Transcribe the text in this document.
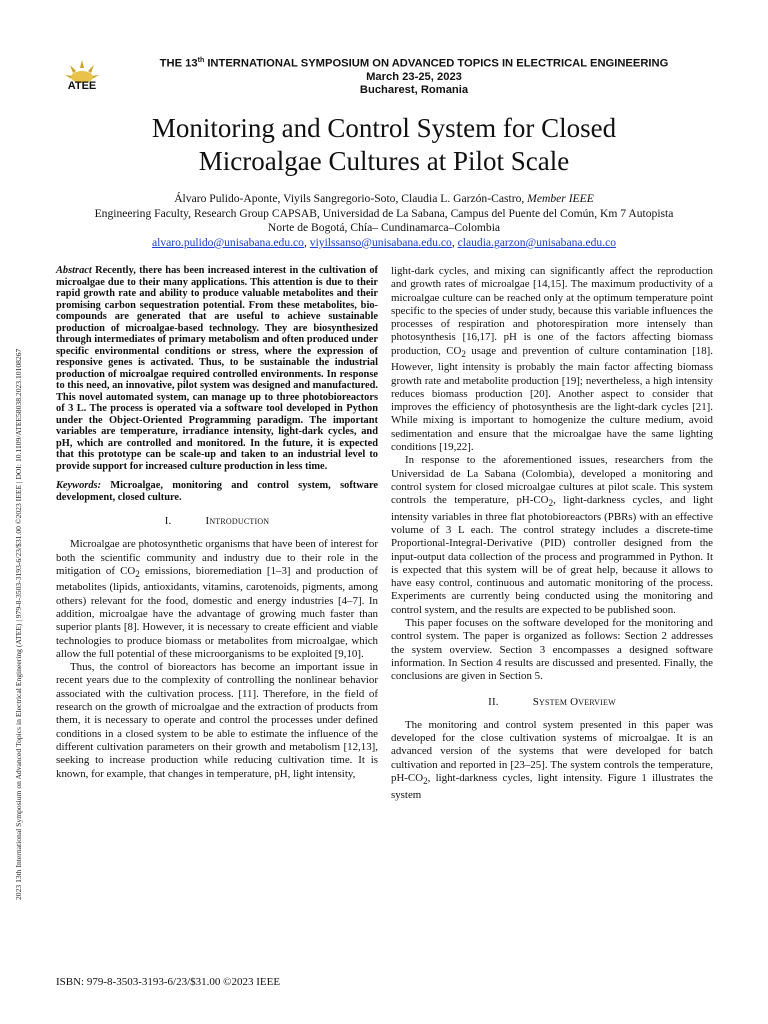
2023 13th International Symposium on Advanced Topics in Electrical Engineering (ATEE) | 979-8-3503-3193-6/23/$31.00 ©2023 IEEE | DOI: 10.1109/ATEE58038.2023.10108267
ATEE
THE 13th INTERNATIONAL SYMPOSIUM ON ADVANCED TOPICS IN ELECTRICAL ENGINEERING
March 23-25, 2023
Bucharest, Romania
Monitoring and Control System for Closed
Microalgae Cultures at Pilot Scale
Álvaro Pulido-Aponte, Viyils Sangregorio-Soto, Claudia L. Garzón-Castro, Member IEEE
Engineering Faculty, Research Group CAPSAB, Universidad de La Sabana, Campus del Puente del Común, Km 7 Autopista
Norte de Bogotá, Chía– Cundinamarca–Colombia
alvaro.pulido@unisabana.edu.co, viyilssanso@unisabana.edu.co, claudia.garzon@unisabana.edu.co

Abstract Recently, there has been increased interest in the cultivation of microalgae due to their many applications. This attention is due to their rapid growth rate and ability to produce valuable metabolites and their promising carbon sequestration potential. From these metabolites, bio-compounds are generated that are useful to achieve sustainable production of microalgae-based technology. They are biosynthesized through intermediates of primary metabolism and often produced under specific environmental conditions or stress, where the expression of responsive genes is activated. Thus, to be sustainable the industrial production of microalgae required controlled environments. In response to this need, an innovative, pilot system was designed and manufactured. This novel automated system, can manage up to three photobioreactors of 3 L. The process is operated via a software tool developed in Python under the Object-Oriented Programming paradigm. The important variables are temperature, irradiance intensity, light-dark cycles, and pH, which are controlled and monitored. In the future, it is expected that this prototype can be scale-up and taken to an industrial level to provide support for increased culture production in less time.

Keywords: Microalgae, monitoring and control system, software development, closed culture.

I.	Introduction

Microalgae are photosynthetic organisms that have been of interest for both the scientific community and industry due to their role in the mitigation of $CO_2$ emissions, bioremediation [1–3] and production of metabolites (lipids, antioxidants, vitamins, carotenoids, pigments, among others) relevant for the food, domestic and energy industries [4–7]. In addition, microalgae have the advantage of growing much faster than superior plants [8]. However, it is necessary to create efficient and viable technologies to produce biomass or metabolites from microalgae, which allow the full potential of these microorganisms to be exploited [9,10].

Thus, the control of bioreactors has become an important issue in recent years due to the complexity of controlling the nonlinear behavior associated with the cultivation process. [11]. Therefore, in the field of research on the growth of microalgae and the extraction of products from them, it is necessary to operate and control the processes under defined conditions in a closed system to be able to estimate the influence of the different cultivation parameters on their growth and metabolism [12,13], seeking to increase production while reducing cultivation time. It is known, for example, that changes in temperature, pH, light intensity,

light-dark cycles, and mixing can significantly affect the reproduction and growth rates of microalgae [14,15]. The maximum productivity of a microalgae culture can be reached only at the optimum temperature point specific to the species of under study, because this variable influences the processes of respiration and photorespiration more intensely than photosynthesis [16,17]. pH is one of the factors affecting biomass production, $CO_2$ usage and prevention of culture contamination [18]. However, light intensity is probably the main factor affecting biomass growth rate and metabolite production [19]; nevertheless, a high intensity reduces biomass production [20]. Another aspect to consider that improves the efficiency of photosynthesis are the light-dark cycles [21]. While mixing is important to homogenize the culture medium, avoid sedimentation and ensure that the microalgae have the same lighting conditions [19,22].

In response to the aforementioned issues, researchers from the Universidad de La Sabana (Colombia), developed a monitoring and control system for closed microalgae cultures at pilot scale. This system controls the temperature, $pH-CO_2$, light-darkness cycles, and light intensity variables in three flat photobioreactors (PBRs) with an effective volume of 3 L each. The control strategy includes a discrete-time Proportional-Integral-Derivative (PID) controller designed from the input-output data collection of the process and programmed in Python. It is expected that this system will be of great help, because it allows to have easy control, continuous and automatic monitoring of the process. Experiments are currently being conducted using the monitoring and control system, and the results are expected to be published soon.

This paper focuses on the software developed for the monitoring and control system. The paper is organized as follows: Section 2 addresses the system overview. Section 3 encompasses a designed software information. In Section 4 results are discussed and presented. Finally, the conclusions are given in Section 5.

II.	System Overview

The monitoring and control system presented in this paper was developed for the close cultivation systems of microalgae. It is an advanced version of the systems that were developed for batch cultivation and reported in [23–25]. The system controls the temperature, $pH-CO_2$, light-darkness cycles, light intensity. Figure 1 illustrates the system

ISBN: 979-8-3503-3193-6/23/$31.00 ©2023 IEEE
